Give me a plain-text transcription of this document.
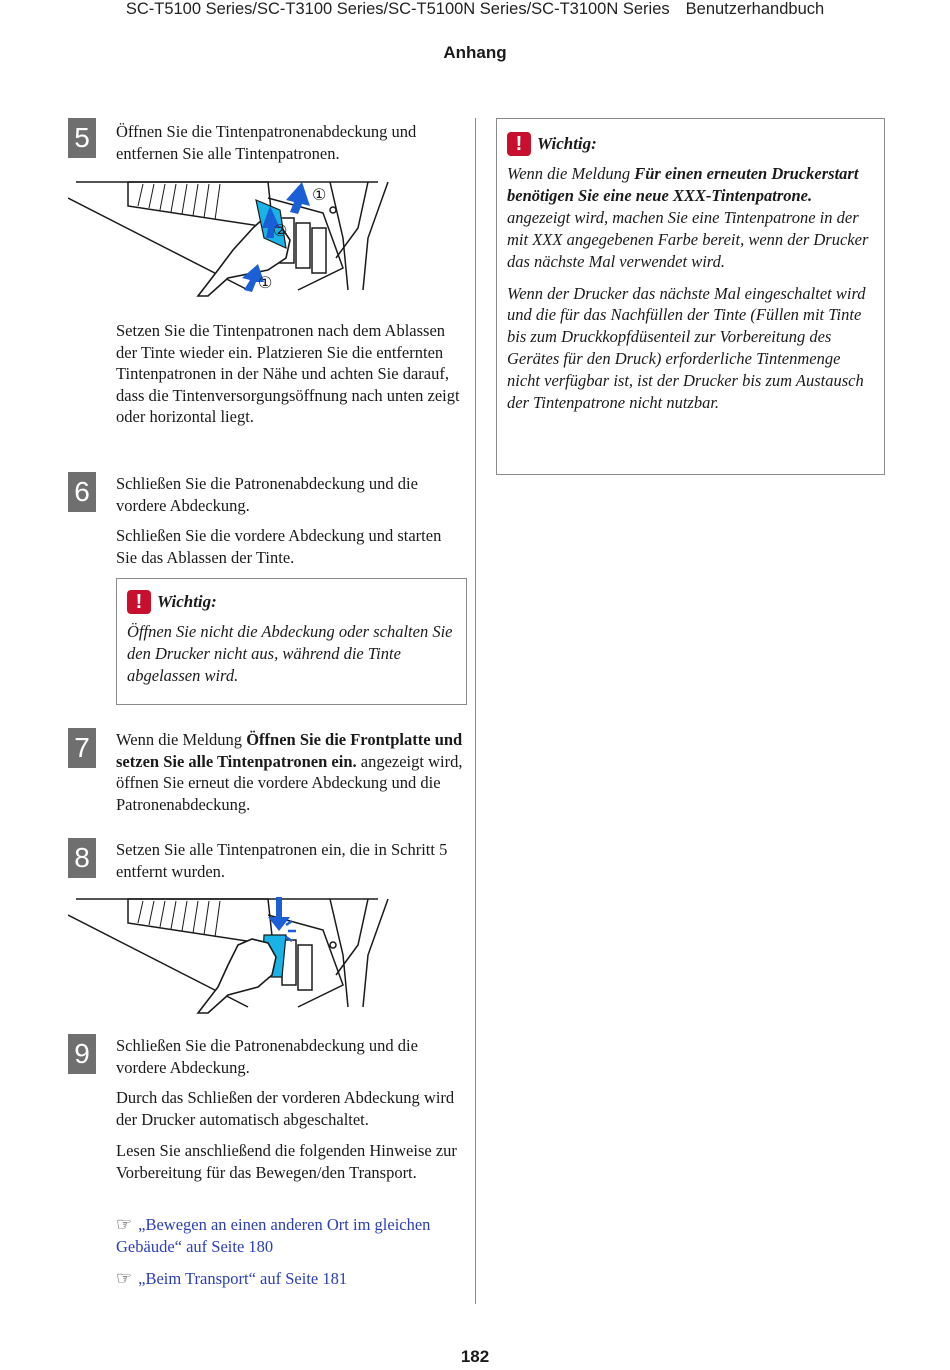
SC-T5100 Series/SC-T3100 Series/SC-T5100N Series/SC-T3100N Series Benutzerhandbuch
Anhang
5	Öffnen Sie die Tintenpatronenabdeckung und entfernen Sie alle Tintenpatronen.

①
②
①

Setzen Sie die Tintenpatronen nach dem Ablassen der Tinte wieder ein. Platzieren Sie die entfernten Tintenpatronen in der Nähe und achten Sie darauf, dass die Tintenversorgungsöffnung nach unten zeigt oder horizontal liegt.

6	Schließen Sie die Patronenabdeckung und die vordere Abdeckung.

Schließen Sie die vordere Abdeckung und starten Sie das Ablassen der Tinte.

! Wichtig:

Öffnen Sie nicht die Abdeckung oder schalten Sie den Drucker nicht aus, während die Tinte abgelassen wird.

7	Wenn die Meldung Öffnen Sie die Frontplatte und setzen Sie alle Tintenpatronen ein. angezeigt wird, öffnen Sie erneut die vordere Abdeckung und die Patronenabdeckung.

8	Setzen Sie alle Tintenpatronen ein, die in Schritt 5 entfernt wurden.

9	Schließen Sie die Patronenabdeckung und die vordere Abdeckung.

Durch das Schließen der vorderen Abdeckung wird der Drucker automatisch abgeschaltet.

Lesen Sie anschließend die folgenden Hinweise zur Vorbereitung für das Bewegen/den Transport.

☞ „Bewegen an einen anderen Ort im gleichen Gebäude“ auf Seite 180

☞ „Beim Transport“ auf Seite 181

! Wichtig:

Wenn die Meldung Für einen erneuten Druckerstart benötigen Sie eine neue XXX-Tintenpatrone. angezeigt wird, machen Sie eine Tintenpatrone in der mit XXX angegebenen Farbe bereit, wenn der Drucker das nächste Mal verwendet wird.

Wenn der Drucker das nächste Mal eingeschaltet wird und die für das Nachfüllen der Tinte (Füllen mit Tinte bis zum Druckkopfdüsenteil zur Vorbereitung des Gerätes für den Druck) erforderliche Tintenmenge nicht verfügbar ist, ist der Drucker bis zum Austausch der Tintenpatrone nicht nutzbar.

182
